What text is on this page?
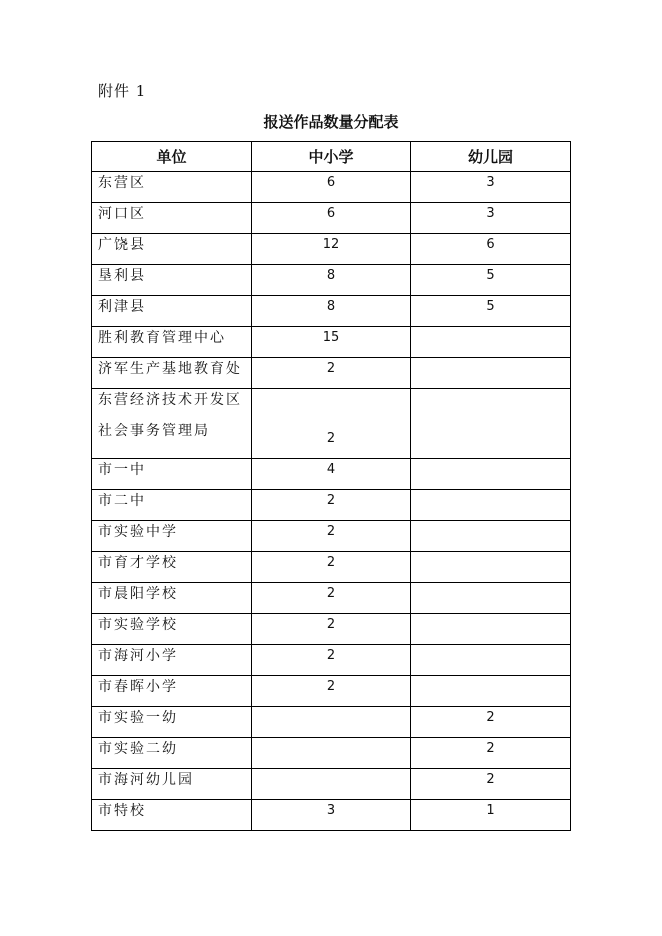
附件 1
报送作品数量分配表
单位	中小学	幼儿园
东营区	6	3
河口区	6	3
广饶县	12	6
垦利县	8	5
利津县	8	5
胜利教育管理中心	15	
济军生产基地教育处	2	
东营经济技术开发区
社会事务管理局	2	
市一中	4	
市二中	2	
市实验中学	2	
市育才学校	2	
市晨阳学校	2	
市实验学校	2	
市海河小学	2	
市春晖小学	2	
市实验一幼		2
市实验二幼		2
市海河幼儿园		2
市特校	3	1
